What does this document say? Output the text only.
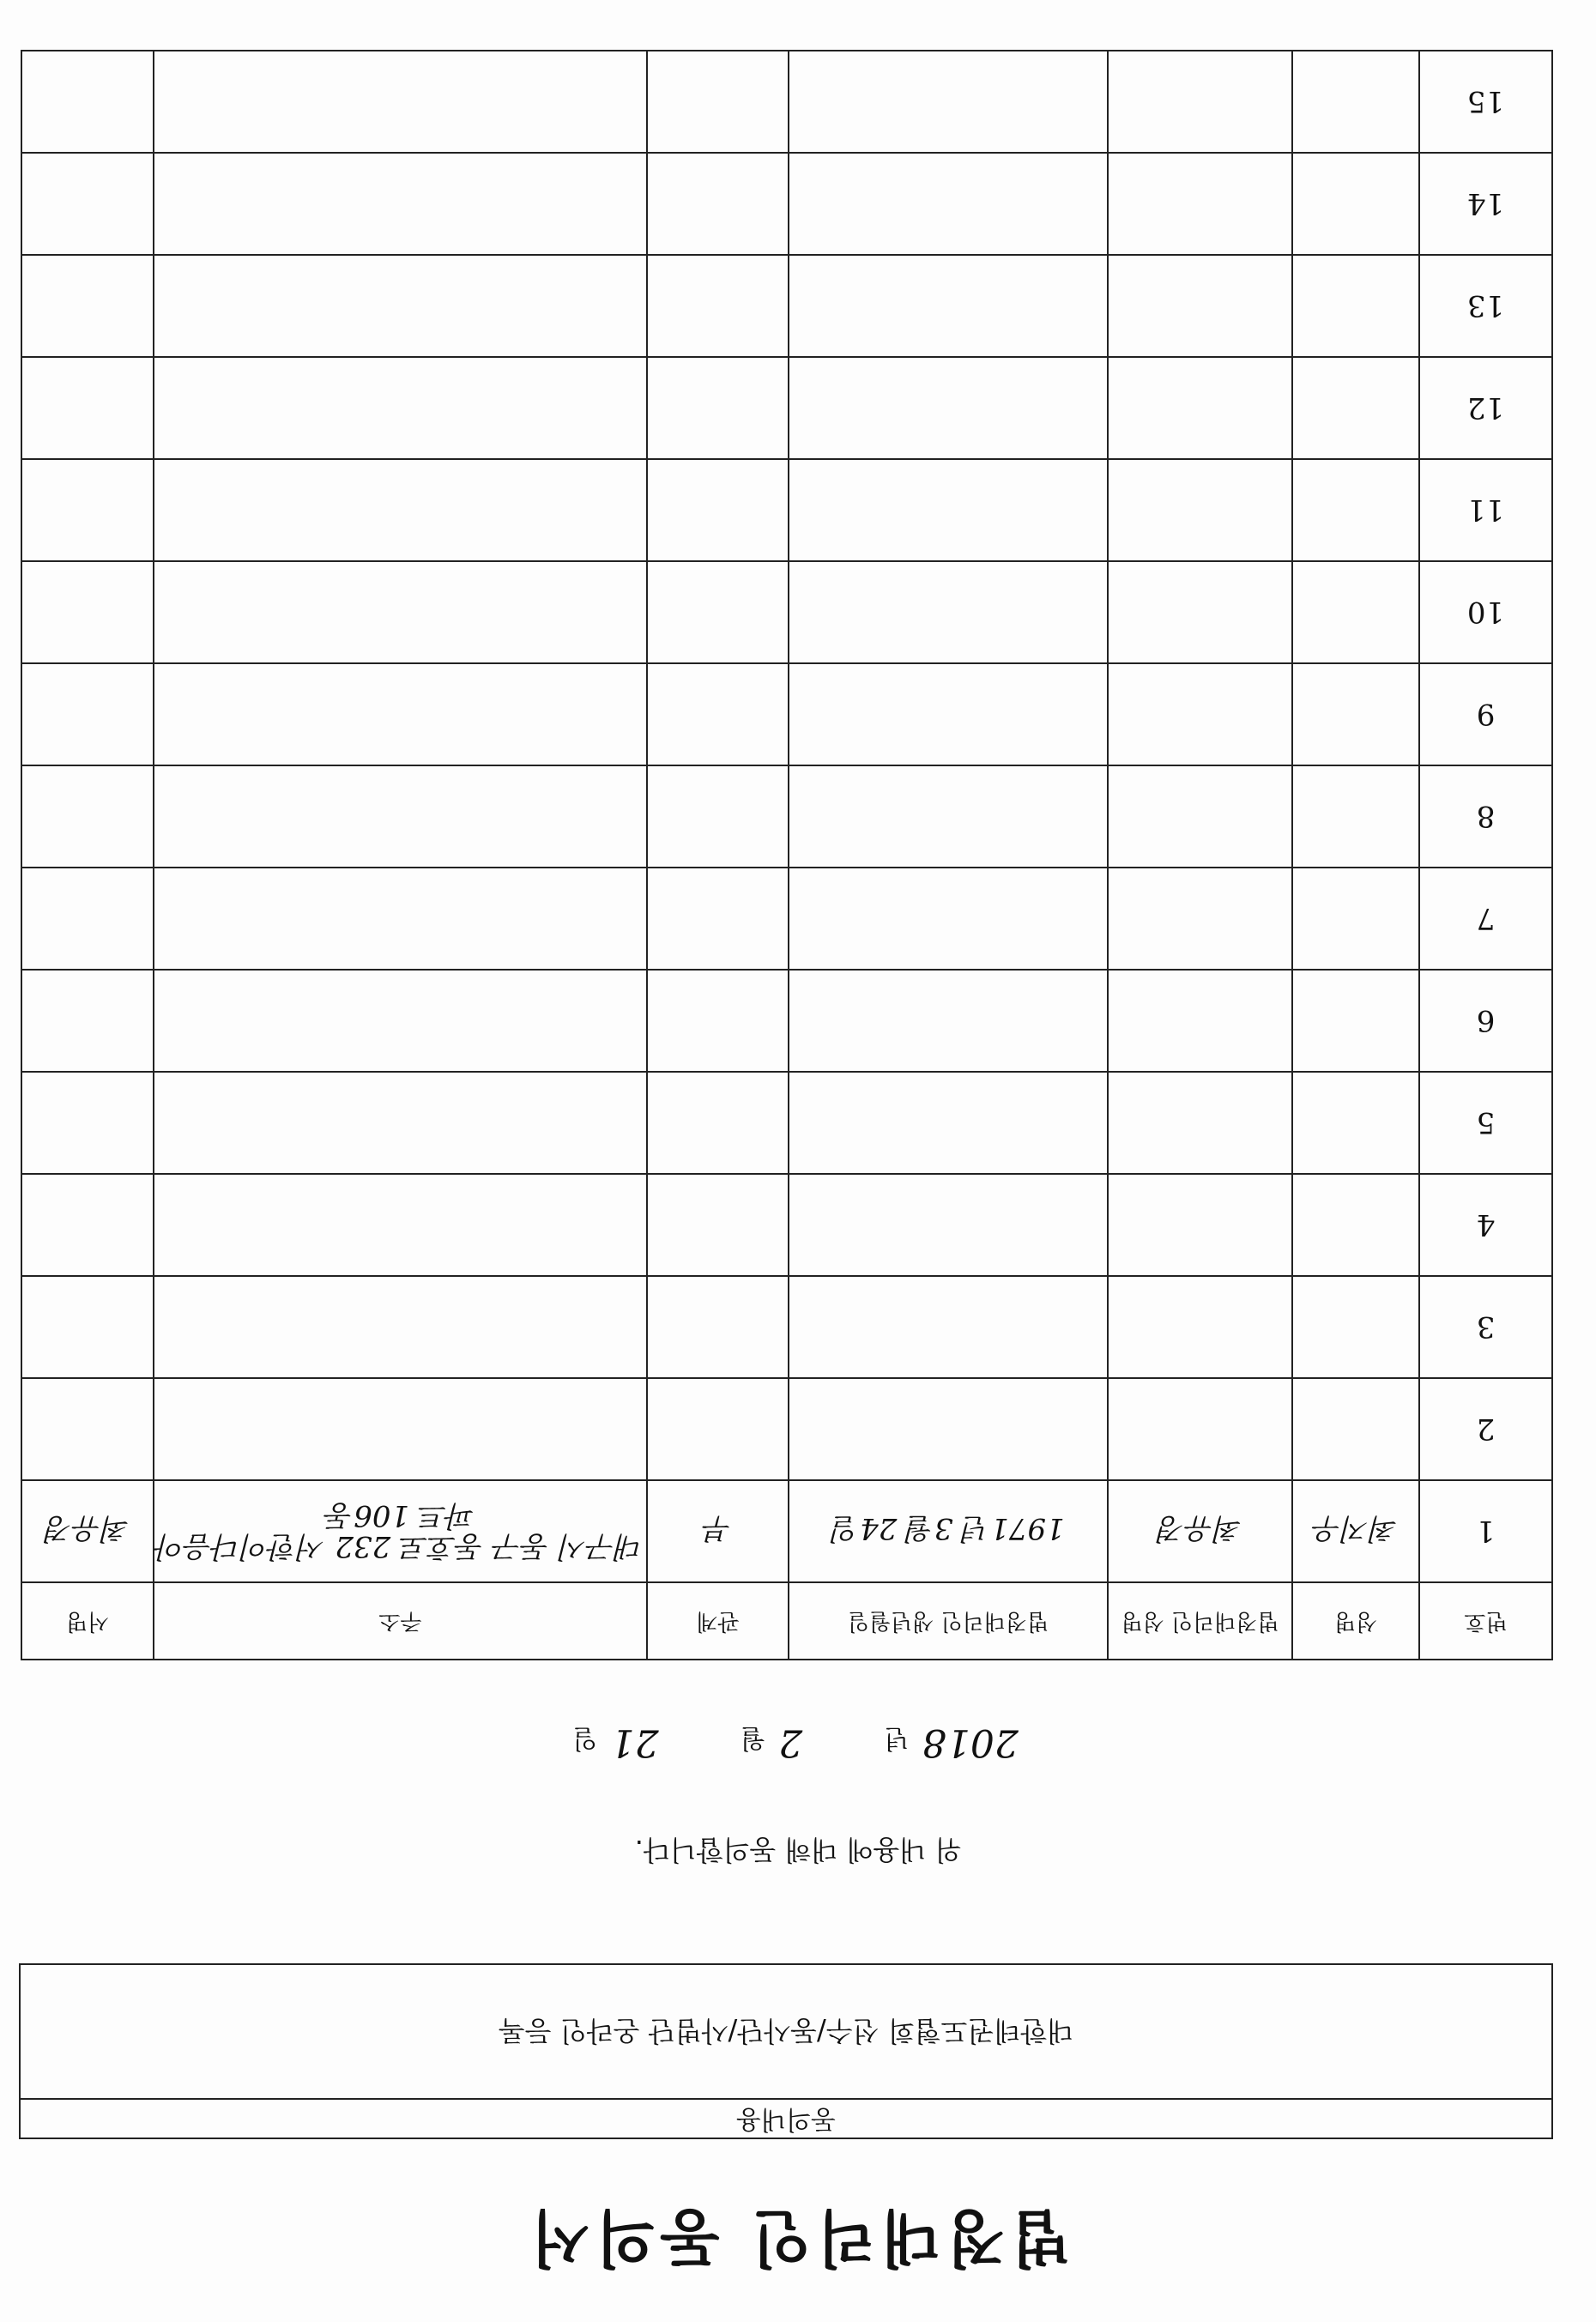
법정대리인 동의서
동의내용
대한테권도협회 선수/동사단/사범단 온라인 등록
위 내용에 대해 동의합니다.
2018 년  2 월  21 일
번호	성명	법정대리인 성명	법정대리인 생년월일	관계	주소	서명
1	최지우	최유경	1971년 3월 24일	부	대구시 동구 동호로 232 서한이다음아파트 106동	최유경
2						
3						
4						
5						
6						
7						
8						
9						
10						
11						
12						
13						
14						
15						
